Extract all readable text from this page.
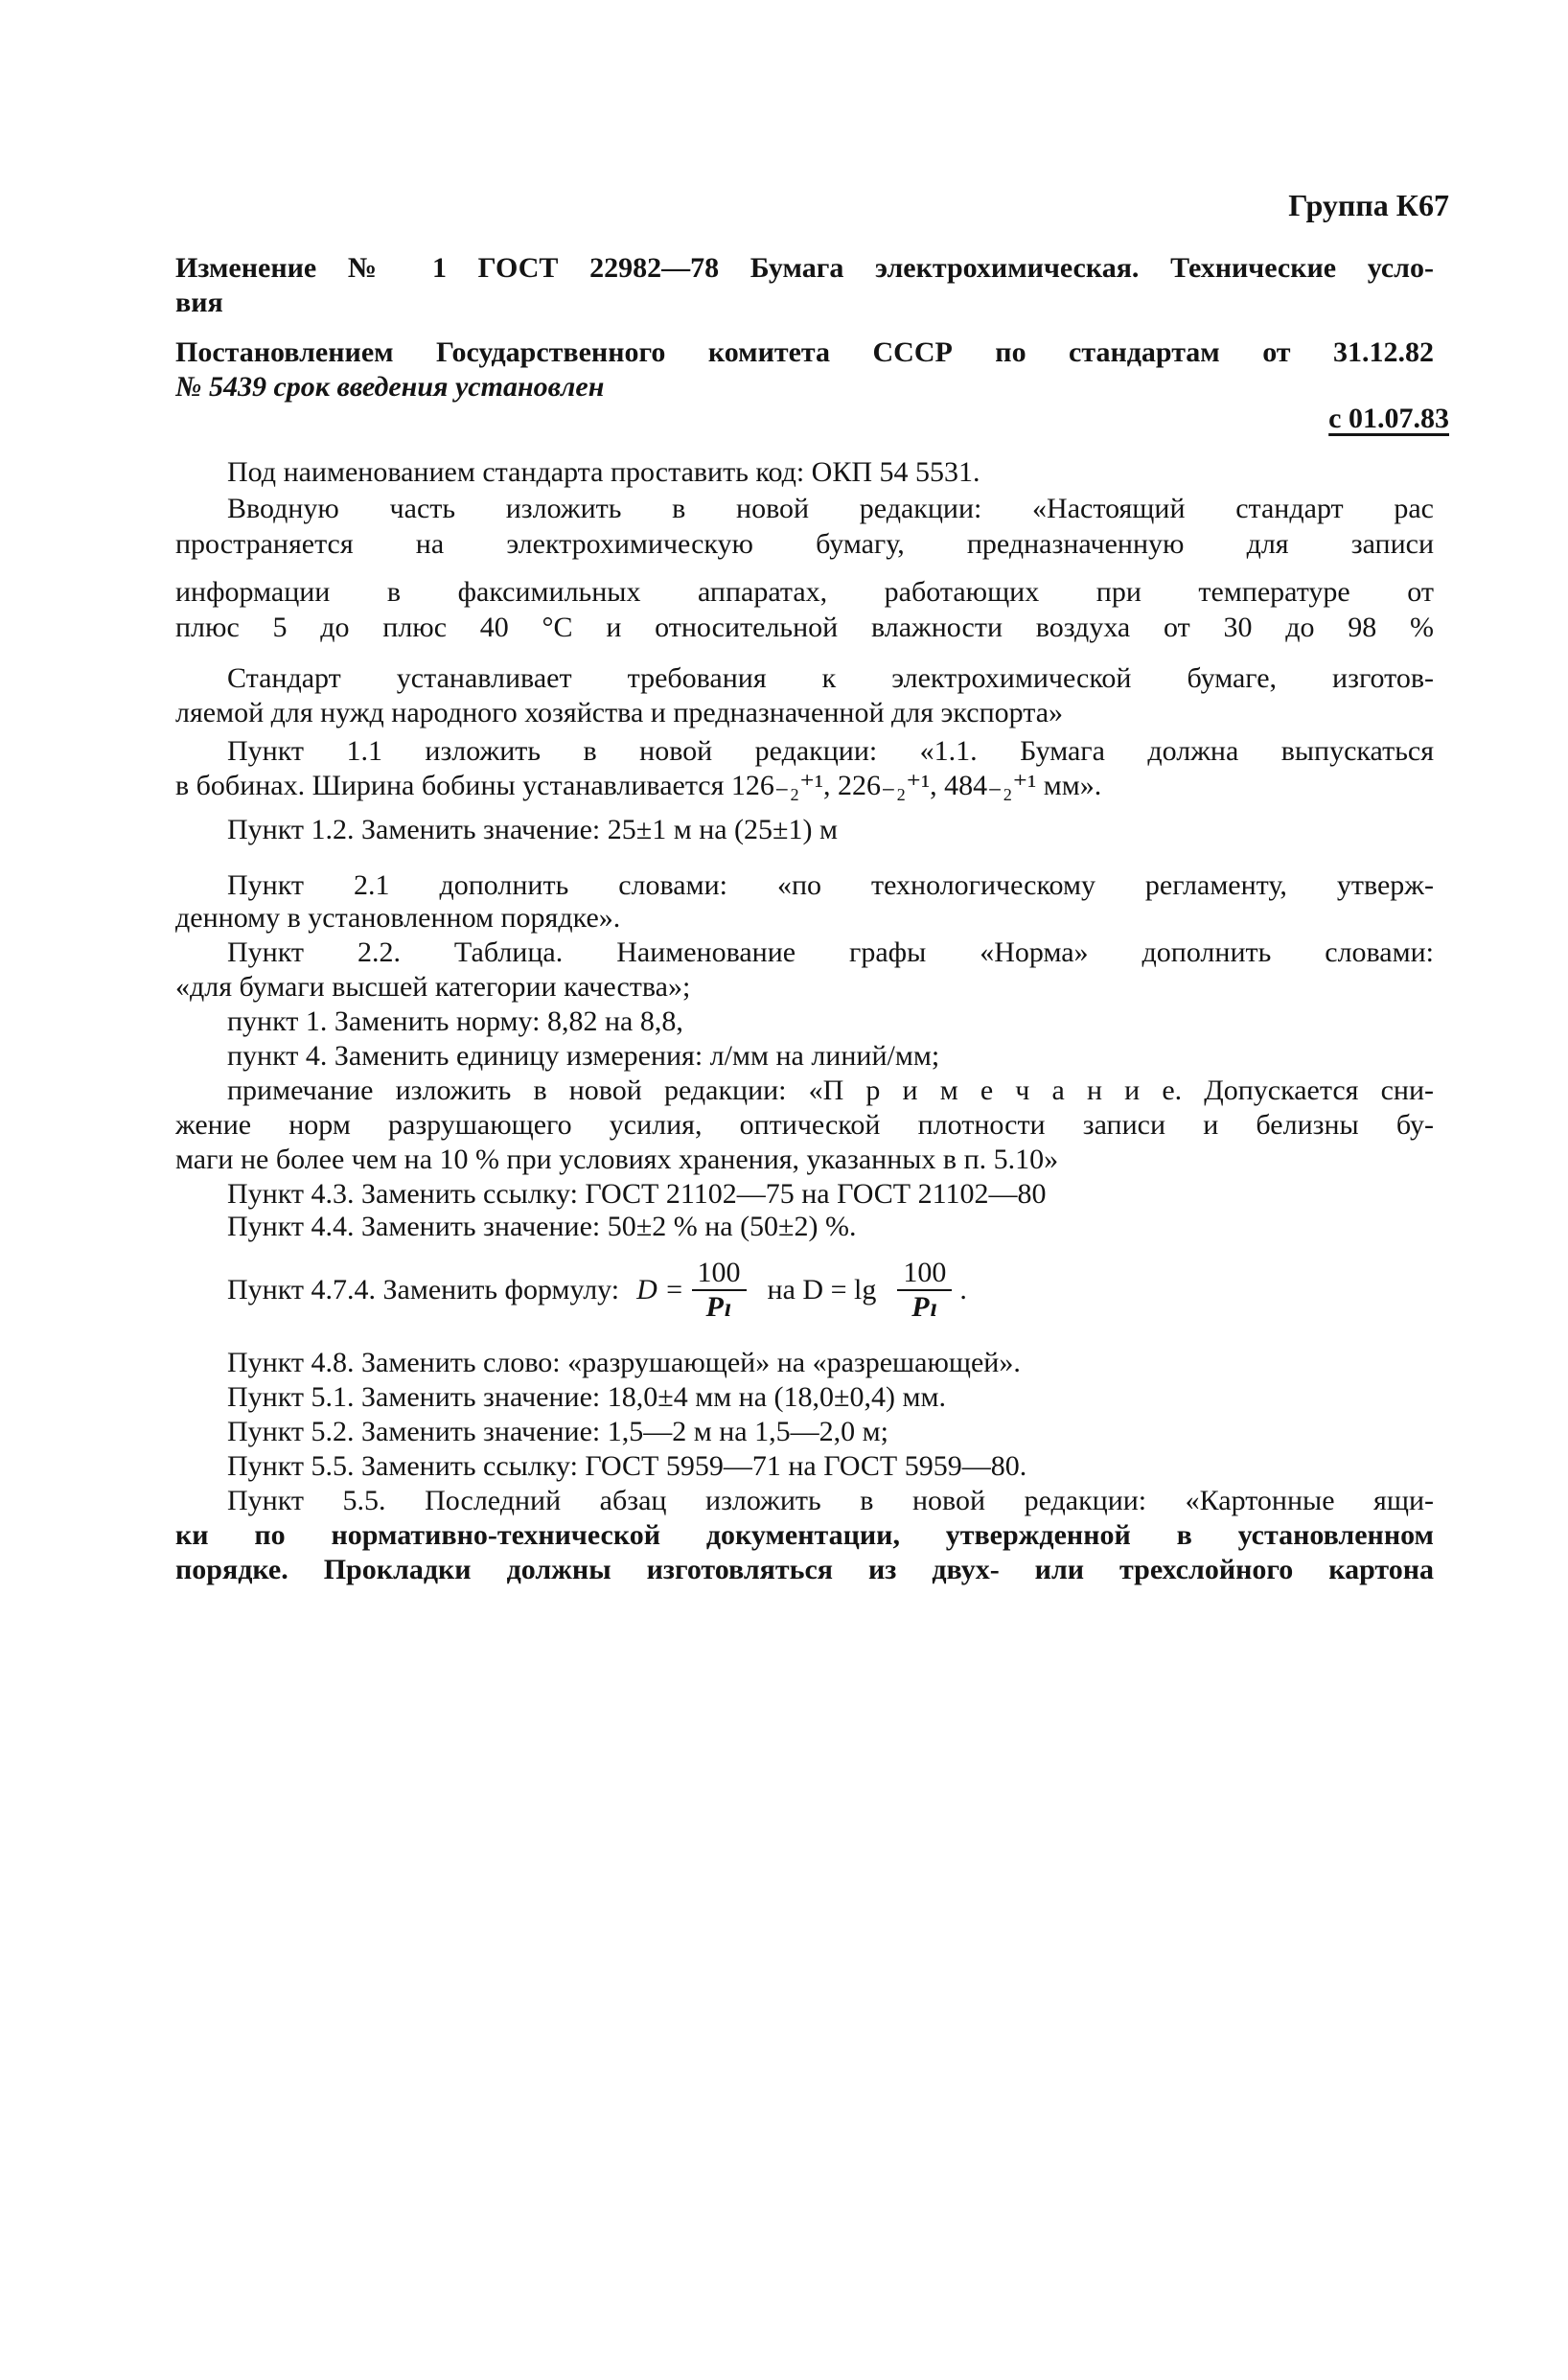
Группа К67
Изменение № 1 ГОСТ 22982—78 Бумага электрохимическая. Технические усло-
вия
Постановлением Государственного комитета СССР по стандартам от 31.12.82
№ 5439 срок введения установлен
с 01.07.83
Под наименованием стандарта проставить код: ОКП 54 5531.
Вводную часть изложить в новой редакции: «Настоящий стандарт рас
пространяется на электрохимическую бумагу, предназначенную для записи
информации в факсимильных аппаратах, работающих при температуре от
плюс 5 до плюс 40 °С и относительной влажности воздуха от 30 до 98 %
Стандарт устанавливает требования к электрохимической бумаге, изготов-
ляемой для нужд народного хозяйства и предназначенной для экспорта»
Пункт 1.1 изложить в новой редакции: «1.1. Бумага должна выпускаться
в бобинах. Ширина бобины устанавливается 126₋₂⁺¹, 226₋₂⁺¹, 484₋₂⁺¹ мм».
Пункт 1.2. Заменить значение: 25±1 м на (25±1) м
Пункт 2.1 дополнить словами: «по технологическому регламенту, утверж-
денному в установленном порядке».
Пункт 2.2. Таблица. Наименование графы «Норма» дополнить словами:
«для бумаги высшей категории качества»;
пункт 1. Заменить норму: 8,82 на 8,8,
пункт 4. Заменить единицу измерения: л/мм на линий/мм;
примечание изложить в новой редакции: «П р и м е ч а н и е. Допускается сни-
жение норм разрушающего усилия, оптической плотности записи и белизны бу-
маги не более чем на 10 % при условиях хранения, указанных в п. 5.10»
Пункт 4.3. Заменить ссылку: ГОСТ 21102—75 на ГОСТ 21102—80
Пункт 4.4. Заменить значение: 50±2 % на (50±2) %.
Пункт 4.7.4. Заменить формулу: $D = \frac{100}{\text{Pₗ}}$ на $D = \lg \frac{100}{\text{Pₗ}}$ .
Пункт 4.8. Заменить слово: «разрушающей» на «разрешающей».
Пункт 5.1. Заменить значение: 18,0±4 мм на (18,0±0,4) мм.
Пункт 5.2. Заменить значение: 1,5—2 м на 1,5—2,0 м;
Пункт 5.5. Заменить ссылку: ГОСТ 5959—71 на ГОСТ 5959—80.
Пункт 5.5. Последний абзац изложить в новой редакции: «Картонные ящи-
ки по нормативно-технической документации, утвержденной в установленном
порядке. Прокладки должны изготовляться из двух- или трехслойного картона
